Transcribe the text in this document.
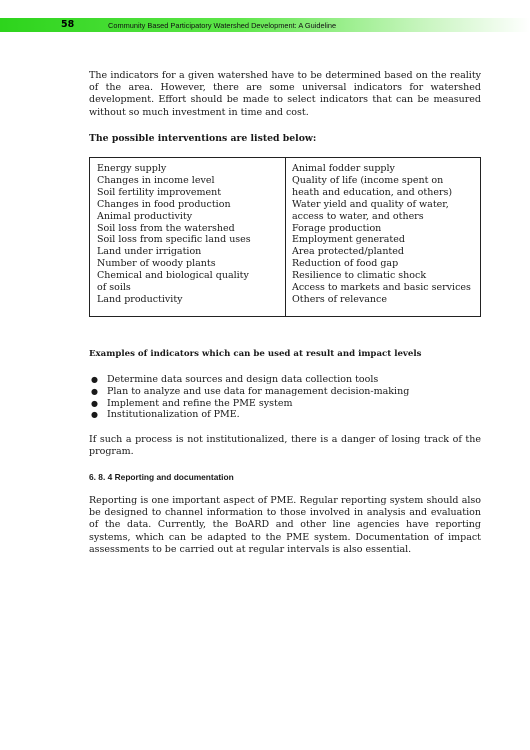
58	Community Based Participatory Watershed Development: A Guideline

The indicators for a given watershed have to be determined based on the reality of the area. However, there are some universal indicators for watershed development. Effort should be made to select indicators that can be measured without so much investment in time and cost.

The possible interventions are listed below:

Energy supply
Changes in income level
Soil fertility improvement
Changes in food production
Animal productivity
Soil loss from the watershed
Soil loss from specific land uses
Land under irrigation
Number of woody plants
Chemical and biological quality
of soils
Land productivity
Animal fodder supply
Quality of life (income spent on
heath and education, and others)
Water yield and quality of water,
access to water, and others
Forage production
Employment generated
Area protected/planted
Reduction of food gap
Resilience to climatic shock
Access to markets and basic services
Others of relevance

Examples of indicators which can be used at result and impact levels

● Determine data sources and design data collection tools
● Plan to analyze and use data for management decision-making
● Implement and refine the PME system
● Institutionalization of PME.

If such a process is not institutionalized, there is a danger of losing track of the program.

6. 8. 4 Reporting and documentation

Reporting is one important aspect of PME. Regular reporting system should also be designed to channel information to those involved in analysis and evaluation of the data. Currently, the BoARD and other line agencies have reporting systems, which can be adapted to the PME system. Documentation of impact assessments to be carried out at regular intervals is also essential.
